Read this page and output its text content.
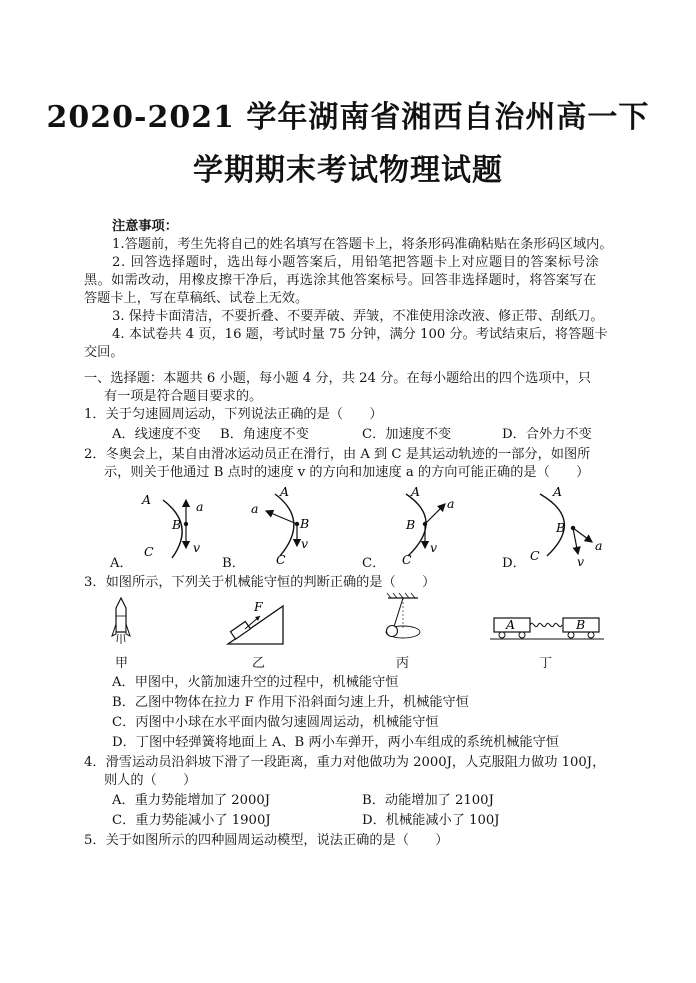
2020-2021 学年湖南省湘西自治州高一下
学期期末考试物理试题
注意事项：
1.答题前，考生先将自己的姓名填写在答题卡上，将条形码准确粘贴在条形码区域内。
2. 回答选择题时，选出每小题答案后，用铅笔把答题卡上对应题目的答案标号涂
黑。如需改动，用橡皮擦干净后，再选涂其他答案标号。回答非选择题时，将答案写在
答题卡上，写在草稿纸、试卷上无效。
3. 保持卡面清洁，不要折叠、不要弄破、弄皱，不准使用涂改液、修正带、刮纸刀。
4. 本试卷共 4 页，16 题，考试时量 75 分钟，满分 100 分。考试结束后，将答题卡
交回。
一、选择题：本题共 6 小题，每小题 4 分，共 24 分。在每小题给出的四个选项中，只
有一项是符合题目要求的。
1．关于匀速圆周运动，下列说法正确的是（　　）
A．线速度不变 B．角速度不变	C．加速度不变	D．合外力不变
2．冬奥会上，某自由滑冰运动员正在滑行，由 A 到 C 是其运动轨迹的一部分，如图所
示，则关于他通过 B 点时的速度 v 的方向和加速度 a 的方向可能正确的是（　　）
A
B
C
a
v
A
B
C
a
v
A
B
C
a
v
A
B
C
a
v
A．	B．	C．	D．
3．如图所示，下列关于机械能守恒的判断正确的是（　　）
F
A	B
甲	乙	丙	丁
A．甲图中，火箭加速升空的过程中，机械能守恒
B．乙图中物体在拉力 F 作用下沿斜面匀速上升，机械能守恒
C．丙图中小球在水平面内做匀速圆周运动，机械能守恒
D．丁图中轻弹簧将地面上 A、B 两小车弹开，两小车组成的系统机械能守恒
4．滑雪运动员沿斜坡下滑了一段距离，重力对他做功为 2000J，人克服阻力做功 100J，
则人的（　　）
A．重力势能增加了 2000J	B．动能增加了 2100J
C．重力势能减小了 1900J	D．机械能减小了 100J
5．关于如图所示的四种圆周运动模型，说法正确的是（　　）
